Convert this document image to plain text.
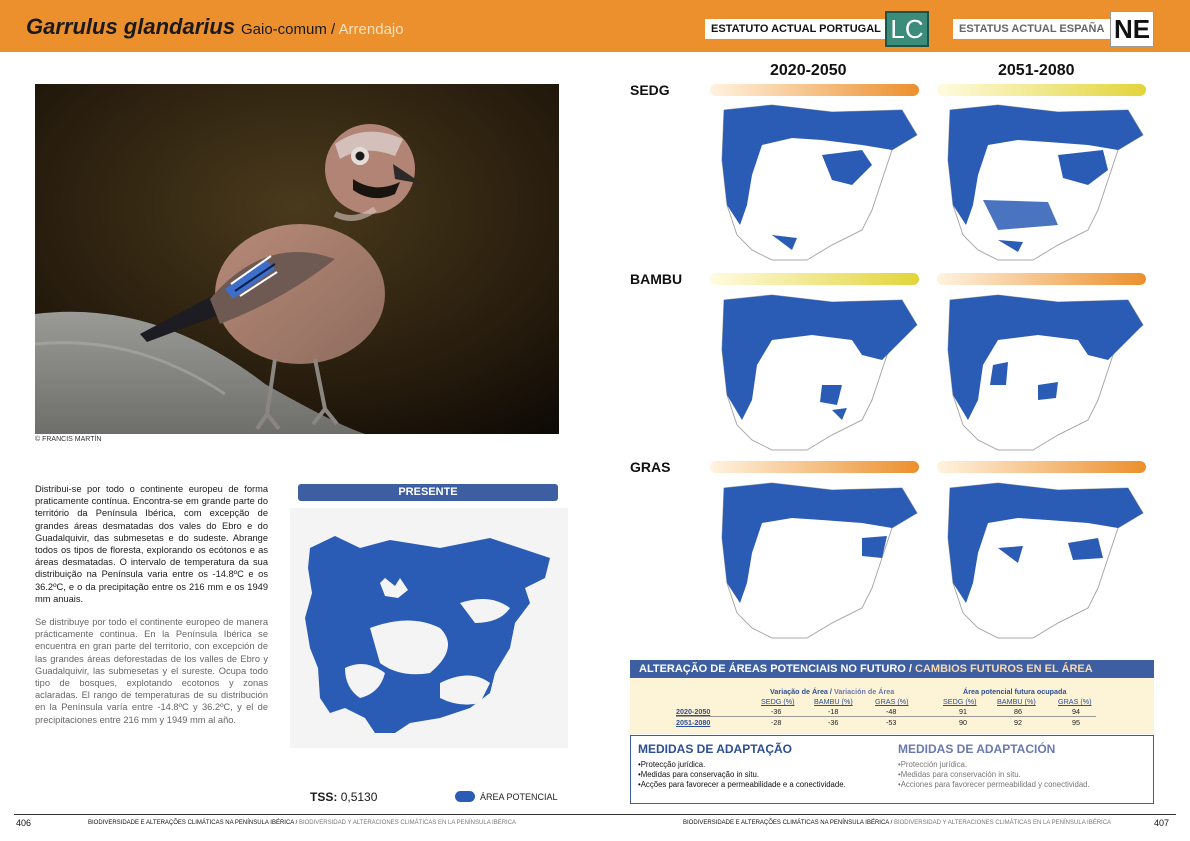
Garrulus glandarius Gaio-comum / Arrendajo	ESTATUTO ACTUAL PORTUGAL LC	ESTATUS ACTUAL ESPAÑA NE
© FRANCIS MARTÍN

Distribui-se por todo o continente europeu de forma praticamente contínua. Encontra-se em grande parte do território da Península Ibérica, com excepção de grandes áreas desmatadas dos vales do Ebro e do Guadalquivir, das submesetas e do sudeste. Abrange todos os tipos de floresta, explorando os ecótonos e as áreas desmatadas. O intervalo de temperatura da sua distribuição na Península varia entre os -14.8ºC e os 36.2ºC, e o da precipitação entre os 216 mm e os 1949 mm anuais.

Se distribuye por todo el continente europeo de manera prácticamente continua. En la Península Ibérica se encuentra en gran parte del territorio, con excepción de las grandes áreas deforestadas de los valles de Ebro y Guadalquivir, las submesetas y el sureste. Ocupa todo tipo de bosques, explotando ecotonos y zonas aclaradas. El rango de temperaturas de su distribución en la Península varía entre -14.8ºC y 36.2ºC, y el de precipitaciones entre 216 mm y 1949 mm al año.

PRESENTE
TSS: 0,5130	ÁREA POTENCIAL
2020-2050	2051-2080
SEDG
BAMBU
GRAS
ALTERAÇÃO DE ÁREAS POTENCIAIS NO FUTURO / CAMBIOS FUTUROS EN EL ÁREA
Variação de Área / Variación de Área	Área potencial futura ocupada
SEDG (%)	BAMBU (%)	GRAS (%)	SEDG (%)	BAMBU (%)	GRAS (%)
2020-2050	-36	-18	-48	91	86	94
2051-2080	-28	-36	-53	90	92	95
MEDIDAS DE ADAPTAÇÃO
•Protecção jurídica.
•Medidas para conservação in situ.
•Acções para favorecer a permeabilidade e a conectividade.
MEDIDAS DE ADAPTACIÓN
•Protección jurídica.
•Medidas para conservación in situ.
•Acciones para favorecer permeabilidad y conectividad.
406	BIODIVERSIDADE E ALTERAÇÕES CLIMÁTICAS NA PENÍNSULA IBÉRICA / BIODIVERSIDAD Y ALTERACIONES CLIMÁTICAS EN LA PENÍNSULA IBÉRICA	BIODIVERSIDADE E ALTERAÇÕES CLIMÁTICAS NA PENÍNSULA IBÉRICA / BIODIVERSIDAD Y ALTERACIONES CLIMÁTICAS EN LA PENÍNSULA IBÉRICA	407
